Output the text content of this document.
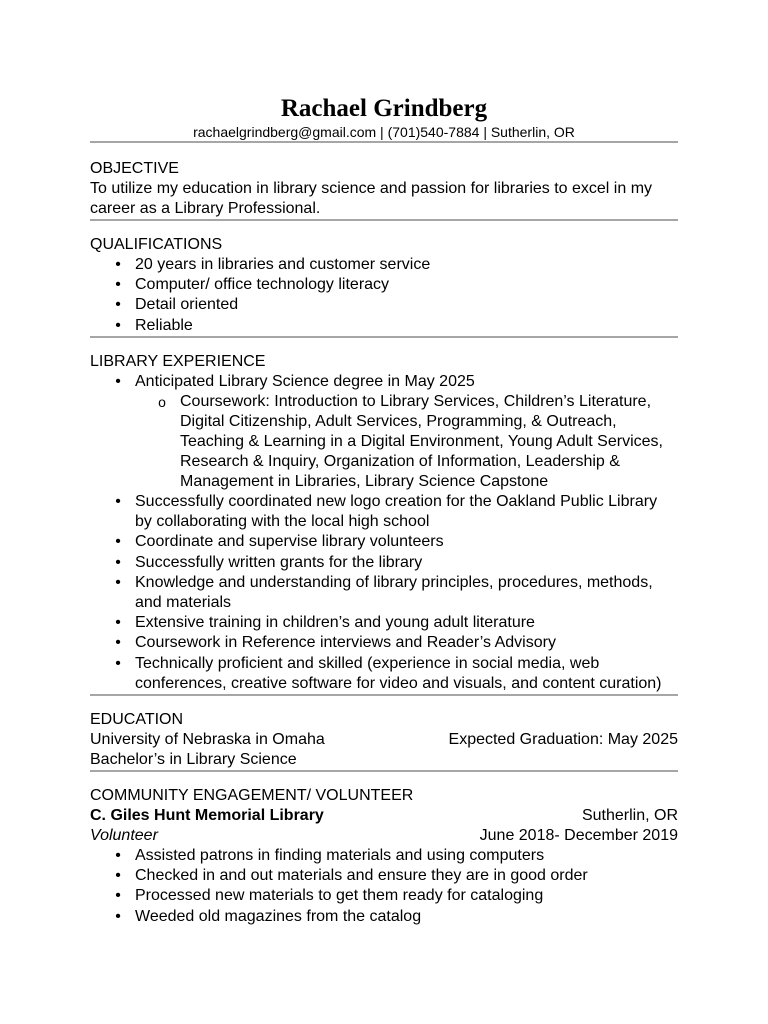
Rachael Grindberg
rachaelgrindberg@gmail.com | (701)540-7884 | Sutherlin, OR
OBJECTIVE
To utilize my education in library science and passion for libraries to excel in my career as a Library Professional.
QUALIFICATIONS
• 20 years in libraries and customer service
• Computer/ office technology literacy
• Detail oriented
• Reliable
LIBRARY EXPERIENCE
• Anticipated Library Science degree in May 2025
o Coursework: Introduction to Library Services, Children’s Literature, Digital Citizenship, Adult Services, Programming, & Outreach, Teaching & Learning in a Digital Environment, Young Adult Services, Research & Inquiry, Organization of Information, Leadership & Management in Libraries, Library Science Capstone
• Successfully coordinated new logo creation for the Oakland Public Library by collaborating with the local high school
• Coordinate and supervise library volunteers
• Successfully written grants for the library
• Knowledge and understanding of library principles, procedures, methods, and materials
• Extensive training in children’s and young adult literature
• Coursework in Reference interviews and Reader’s Advisory
• Technically proficient and skilled (experience in social media, web conferences, creative software for video and visuals, and content curation)
EDUCATION
University of Nebraska in Omaha	Expected Graduation: May 2025
Bachelor’s in Library Science
COMMUNITY ENGAGEMENT/ VOLUNTEER
C. Giles Hunt Memorial Library	Sutherlin, OR
Volunteer	June 2018- December 2019
• Assisted patrons in finding materials and using computers
• Checked in and out materials and ensure they are in good order
• Processed new materials to get them ready for cataloging
• Weeded old magazines from the catalog
